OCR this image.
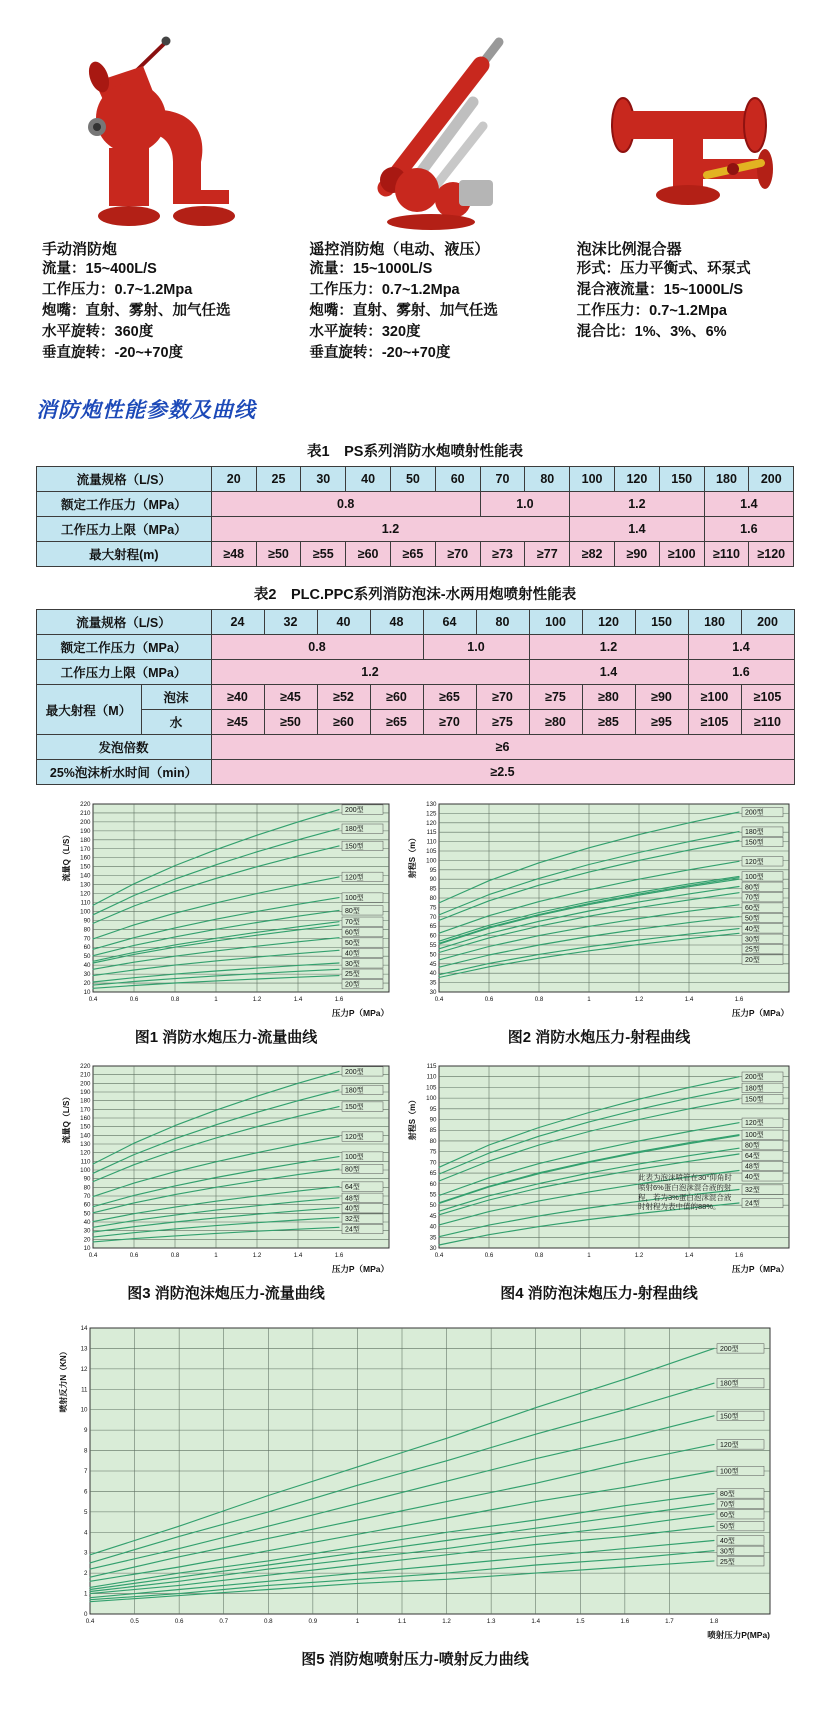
手动消防炮
流量：15~400L/S
工作压力：0.7~1.2Mpa
炮嘴：直射、雾射、加气任选
水平旋转：360度
垂直旋转：-20~+70度
遥控消防炮（电动、液压）
流量：15~1000L/S
工作压力：0.7~1.2Mpa
炮嘴：直射、雾射、加气任选
水平旋转：320度
垂直旋转：-20~+70度
泡沫比例混合器
形式：压力平衡式、环泵式
混合液流量：15~1000L/S
工作压力：0.7~1.2Mpa
混合比：1%、3%、6%
消防炮性能参数及曲线
表1　PS系列消防水炮喷射性能表
流量规格（L/S）	20	25	30	40	50	60	70	80	100	120	150	180	200
额定工作压力（MPa）	0.8						1.0		1.2			1.4	
工作压力上限（MPa）	1.2								1.4			1.6	
最大射程(m)	≥48	≥50	≥55	≥60	≥65	≥70	≥73	≥77	≥82	≥90	≥100	≥110	≥120
表2　PLC.PPC系列消防泡沫-水两用炮喷射性能表
流量规格（L/S）		24	32	40	48	64	80	100	120	150	180	200
额定工作压力（MPa）		0.8				1.0		1.2			1.4	
工作压力上限（MPa）		1.2						1.4			1.6	
最大射程（M）	泡沫	≥40	≥45	≥52	≥60	≥65	≥70	≥75	≥80	≥90	≥100	≥105
	水	≥45	≥50	≥60	≥65	≥70	≥75	≥80	≥85	≥95	≥105	≥110
发泡倍数		≥6										
25%泡沫析水时间（min）		≥2.5										
10
20
30
40
50
60
70
80
90
100
110
120
130
140
150
160
170
180
190
200
210
220
0.4	0.6	0.8	1	1.2	1.4	1.6
200型
180型
150型
120型
100型
80型
70型
60型
50型
40型
30型
25型
20型
压力P（MPa）
流量Q（L/S）
图1 消防水炮压力-流量曲线
30
35
40
45
50
55
60
65
70
75
80
85
90
95
100
105
110
115
120
125
130
0.4	0.6	0.8	1	1.2	1.4	1.6
200型
180型
150型
120型
100型
80型
70型
60型
50型
40型
30型
25型
20型
压力P（MPa）
射程S（m）
图2 消防水炮压力-射程曲线
10
20
30
40
50
60
70
80
90
100
110
120
130
140
150
160
170
180
190
200
210
220
0.4	0.6	0.8	1	1.2	1.4	1.6
200型
180型
150型
120型
100型
80型
64型
48型
40型
32型
24型
压力P（MPa）
流量Q（L/S）
图3 消防泡沫炮压力-流量曲线
此表为泡沫喷管在30°仰角时喷射6%蛋白泡沫混合液的射程，若为3%蛋白泡沫混合液时射程为表中值的88%。
30
35
40
45
50
55
60
65
70
75
80
85
90
95
100
105
110
115
0.4	0.6	0.8	1	1.2	1.4	1.6
200型
180型
150型
120型
100型
80型
64型
48型
40型
32型
24型
压力P（MPa）
射程S（m）
图4 消防泡沫炮压力-射程曲线
0
1
2
3
4
5
6
7
8
9
10
11
12
13
14
0.4	0.5	0.6	0.7	0.8	0.9	1	1.1	1.2	1.3	1.4	1.5	1.6	1.7	1.8
200型
180型
150型
120型
100型
80型
70型
60型
50型
40型
30型
25型
喷射压力P(MPa)
喷射反力N（KN）
图5 消防炮喷射压力-喷射反力曲线
